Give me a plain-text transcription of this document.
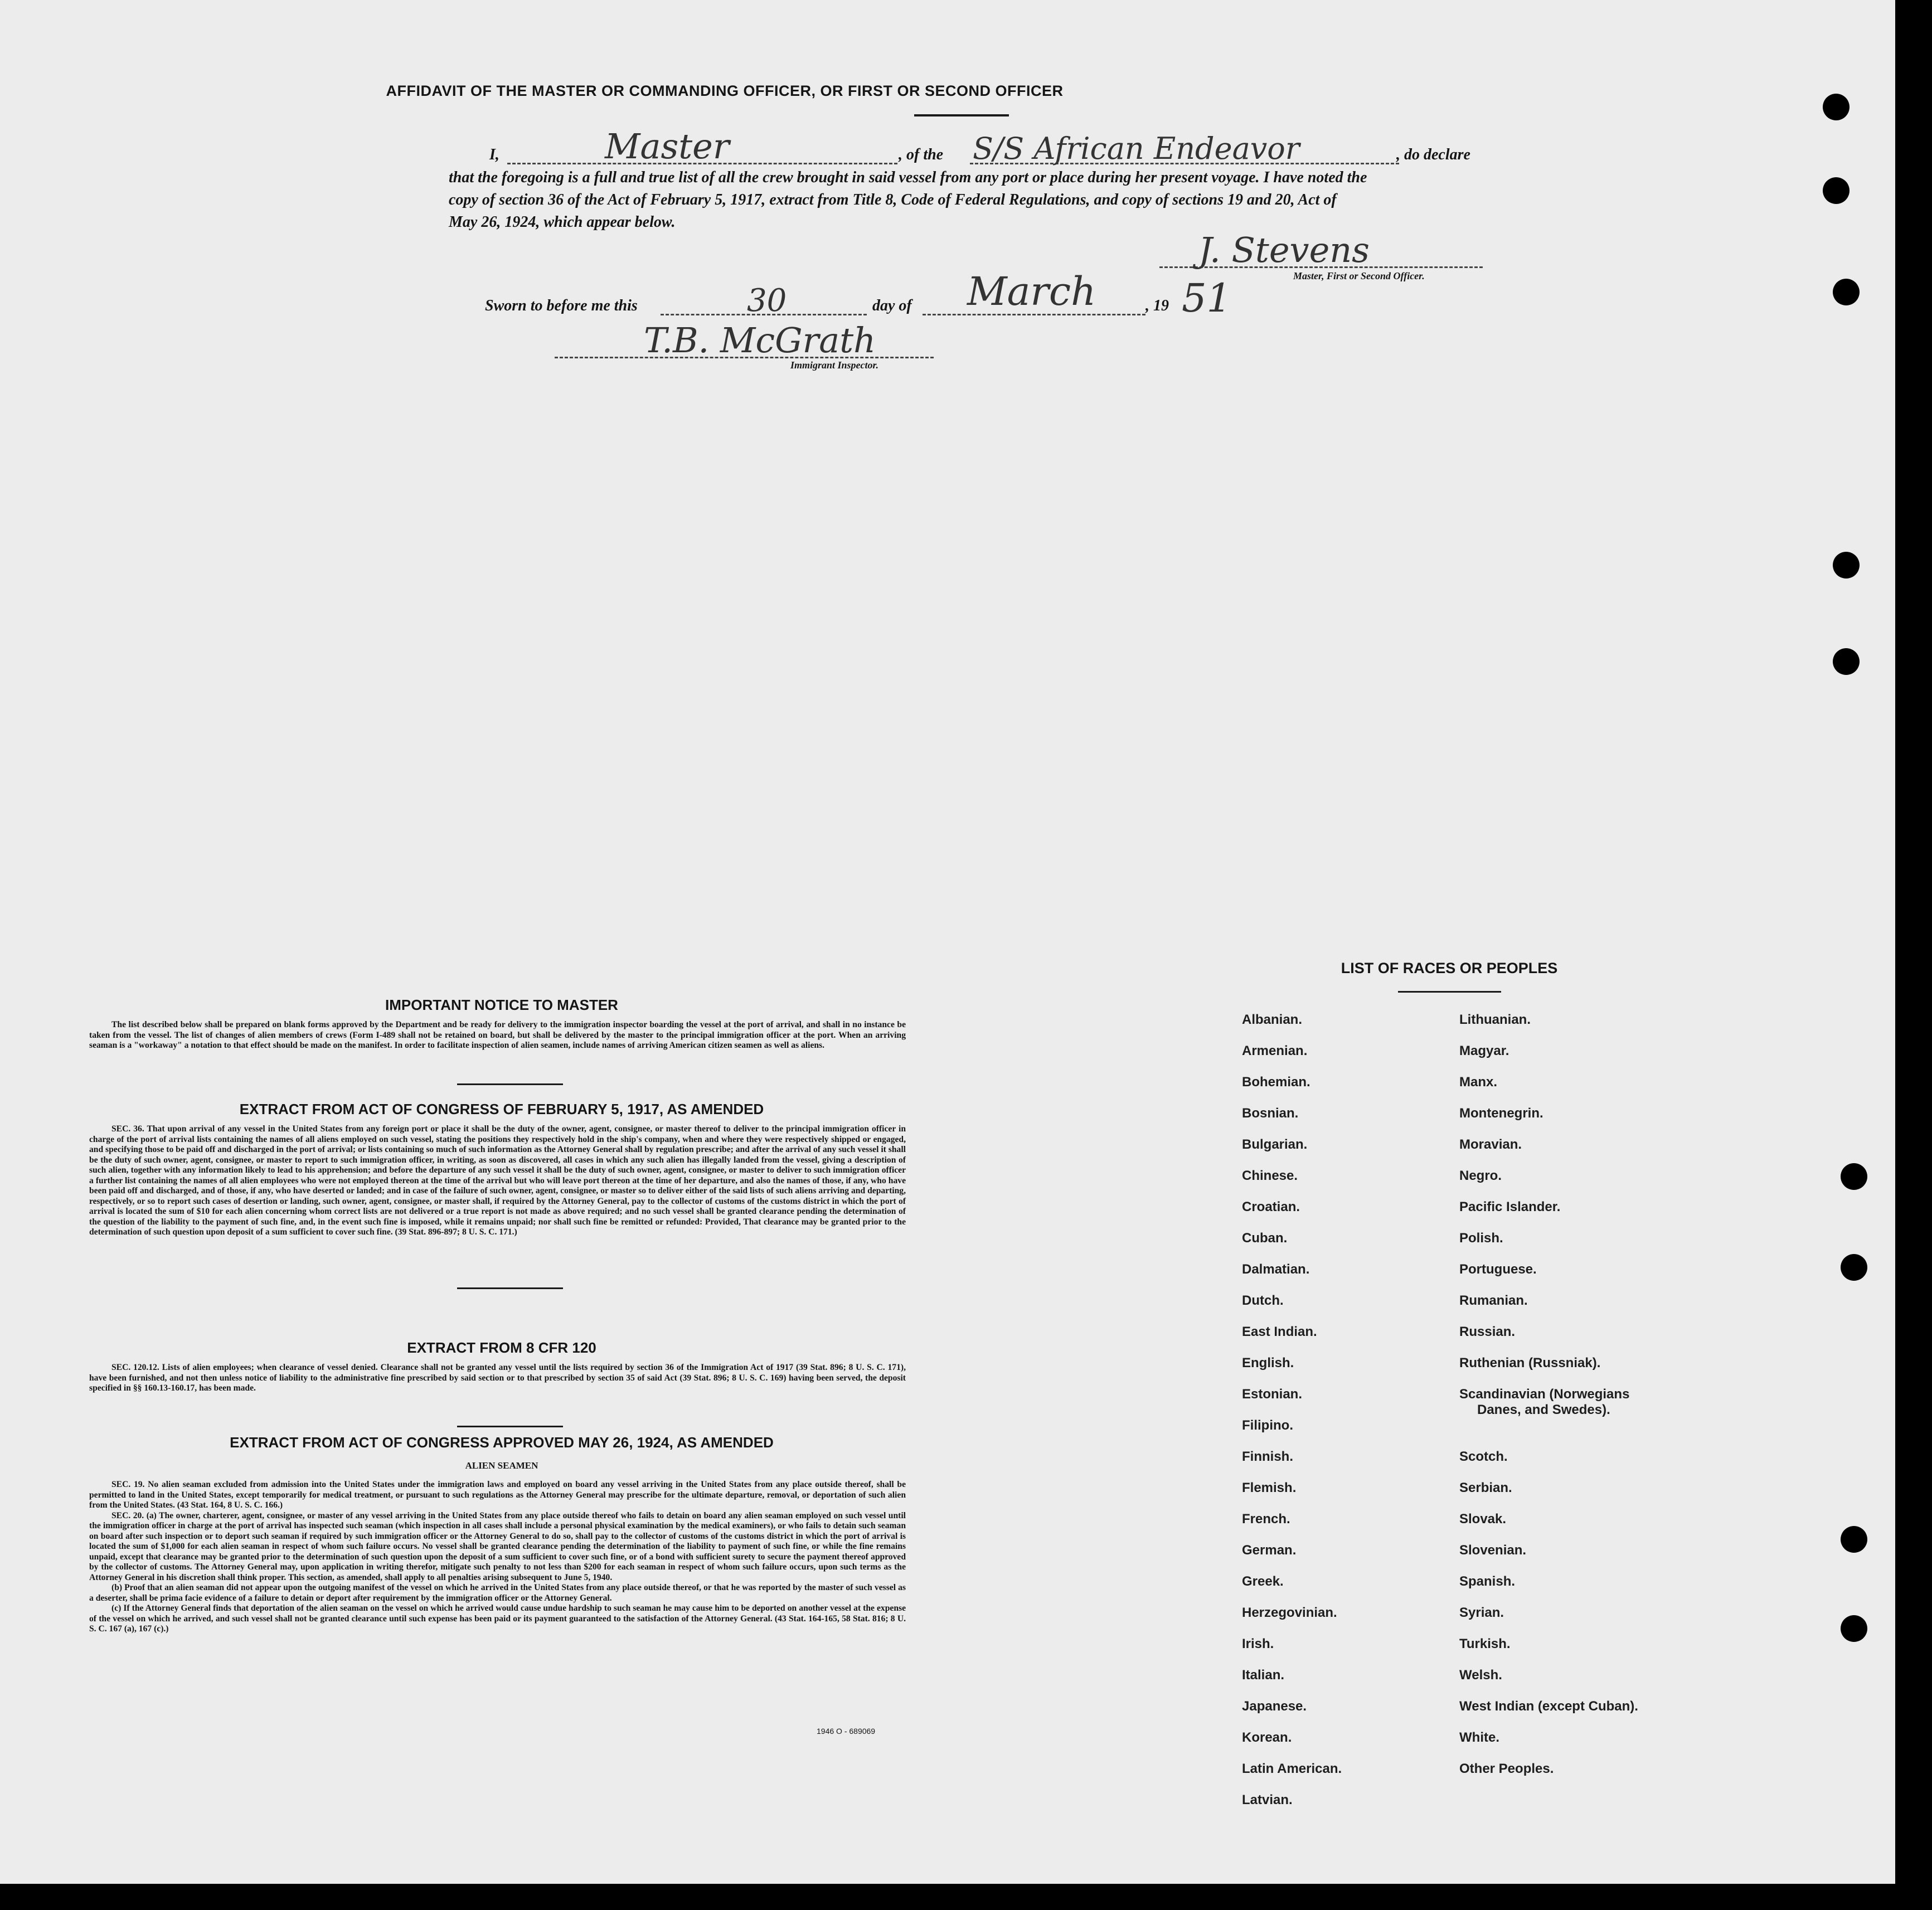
AFFIDAVIT OF THE MASTER OR COMMANDING OFFICER, OR FIRST OR SECOND OFFICER
I,	Master	, of the S/S African Endeavor	, do declare
that the foregoing is a full and true list of all the crew brought in said vessel from any port or place during her present voyage. I have noted the
copy of section 36 of the Act of February 5, 1917, extract from Title 8, Code of Federal Regulations, and copy of sections 19 and 20, Act of
May 26, 1924, which appear below.
J. Stevens
Master, First or Second Officer.
Sworn to before me this	30	day of March	, 19 51
T.B. McGrath
Immigrant Inspector.
IMPORTANT NOTICE TO MASTER

The list described below shall be prepared on blank forms approved by the Department and be ready for delivery to the immigration inspector boarding the vessel at the port of arrival, and shall in no instance be taken from the vessel. The list of changes of alien members of crews (Form I-489 shall not be retained on board, but shall be delivered by the master to the principal immigration officer at the port. When an arriving seaman is a "workaway" a notation to that effect should be made on the manifest. In order to facilitate inspection of alien seamen, include names of arriving American citizen seamen as well as aliens.

EXTRACT FROM ACT OF CONGRESS OF FEBRUARY 5, 1917, AS AMENDED

SEC. 36. That upon arrival of any vessel in the United States from any foreign port or place it shall be the duty of the owner, agent, consignee, or master thereof to deliver to the principal immigration officer in charge of the port of arrival lists containing the names of all aliens employed on such vessel, stating the positions they respectively hold in the ship's company, when and where they were respectively shipped or engaged, and specifying those to be paid off and discharged in the port of arrival; or lists containing so much of such information as the Attorney General shall by regulation prescribe; and after the arrival of any such vessel it shall be the duty of such owner, agent, consignee, or master to report to such immigration officer, in writing, as soon as discovered, all cases in which any such alien has illegally landed from the vessel, giving a description of such alien, together with any information likely to lead to his apprehension; and before the departure of any such vessel it shall be the duty of such owner, agent, consignee, or master to deliver to such immigration officer a further list containing the names of all alien employees who were not employed thereon at the time of the arrival but who will leave port thereon at the time of her departure, and also the names of those, if any, who have been paid off and discharged, and of those, if any, who have deserted or landed; and in case of the failure of such owner, agent, consignee, or master so to deliver either of the said lists of such aliens arriving and departing, respectively, or so to report such cases of desertion or landing, such owner, agent, consignee, or master shall, if required by the Attorney General, pay to the collector of customs of the customs district in which the port of arrival is located the sum of $10 for each alien concerning whom correct lists are not delivered or a true report is not made as above required; and no such vessel shall be granted clearance pending the determination of the question of the liability to the payment of such fine, and, in the event such fine is imposed, while it remains unpaid; nor shall such fine be remitted or refunded: Provided, That clearance may be granted prior to the determination of such question upon deposit of a sum sufficient to cover such fine. (39 Stat. 896-897; 8 U. S. C. 171.)

EXTRACT FROM 8 CFR 120

SEC. 120.12. Lists of alien employees; when clearance of vessel denied. Clearance shall not be granted any vessel until the lists required by section 36 of the Immigration Act of 1917 (39 Stat. 896; 8 U. S. C. 171), have been furnished, and not then unless notice of liability to the administrative fine prescribed by said section or to that prescribed by section 35 of said Act (39 Stat. 896; 8 U. S. C. 169) having been served, the deposit specified in §§ 160.13-160.17, has been made.

EXTRACT FROM ACT OF CONGRESS APPROVED MAY 26, 1924, AS AMENDED
ALIEN SEAMEN

SEC. 19. No alien seaman excluded from admission into the United States under the immigration laws and employed on board any vessel arriving in the United States from any place outside thereof, shall be permitted to land in the United States, except temporarily for medical treatment, or pursuant to such regulations as the Attorney General may prescribe for the ultimate departure, removal, or deportation of such alien from the United States. (43 Stat. 164, 8 U. S. C. 166.)

SEC. 20. (a) The owner, charterer, agent, consignee, or master of any vessel arriving in the United States from any place outside thereof who fails to detain on board any alien seaman employed on such vessel until the immigration officer in charge at the port of arrival has inspected such seaman (which inspection in all cases shall include a personal physical examination by the medical examiners), or who fails to detain such seaman on board after such inspection or to deport such seaman if required by such immigration officer or the Attorney General to do so, shall pay to the collector of customs of the customs district in which the port of arrival is located the sum of $1,000 for each alien seaman in respect of whom such failure occurs. No vessel shall be granted clearance pending the determination of the liability to payment of such fine, or while the fine remains unpaid, except that clearance may be granted prior to the determination of such question upon the deposit of a sum sufficient to cover such fine, or of a bond with sufficient surety to secure the payment thereof approved by the collector of customs. The Attorney General may, upon application in writing therefor, mitigate such penalty to not less than $200 for each seaman in respect of whom such failure occurs, upon such terms as the Attorney General in his discretion shall think proper. This section, as amended, shall apply to all penalties arising subsequent to June 5, 1940.

(b) Proof that an alien seaman did not appear upon the outgoing manifest of the vessel on which he arrived in the United States from any place outside thereof, or that he was reported by the master of such vessel as a deserter, shall be prima facie evidence of a failure to detain or deport after requirement by the immigration officer or the Attorney General.

(c) If the Attorney General finds that deportation of the alien seaman on the vessel on which he arrived would cause undue hardship to such seaman he may cause him to be deported on another vessel at the expense of the vessel on which he arrived, and such vessel shall not be granted clearance until such expense has been paid or its payment guaranteed to the satisfaction of the Attorney General. (43 Stat. 164-165, 58 Stat. 816; 8 U. S. C. 167 (a), 167 (c).)

1946 O - 689069
LIST OF RACES OR PEOPLES
Albanian.
Armenian.
Bohemian.
Bosnian.
Bulgarian.
Chinese.
Croatian.
Cuban.
Dalmatian.
Dutch.
East Indian.
English.
Estonian.
Filipino.
Finnish.
Flemish.
French.
German.
Greek.
Herzegovinian.
Irish.
Italian.
Japanese.
Korean.
Latin American.
Latvian.
Lithuanian.
Magyar.
Manx.
Montenegrin.
Moravian.
Negro.
Pacific Islander.
Polish.
Portuguese.
Rumanian.
Russian.
Ruthenian (Russniak).
Scandinavian (Norwegians
Danes, and Swedes).
Scotch.
Serbian.
Slovak.
Slovenian.
Spanish.
Syrian.
Turkish.
Welsh.
West Indian (except Cuban).
White.
Other Peoples.
